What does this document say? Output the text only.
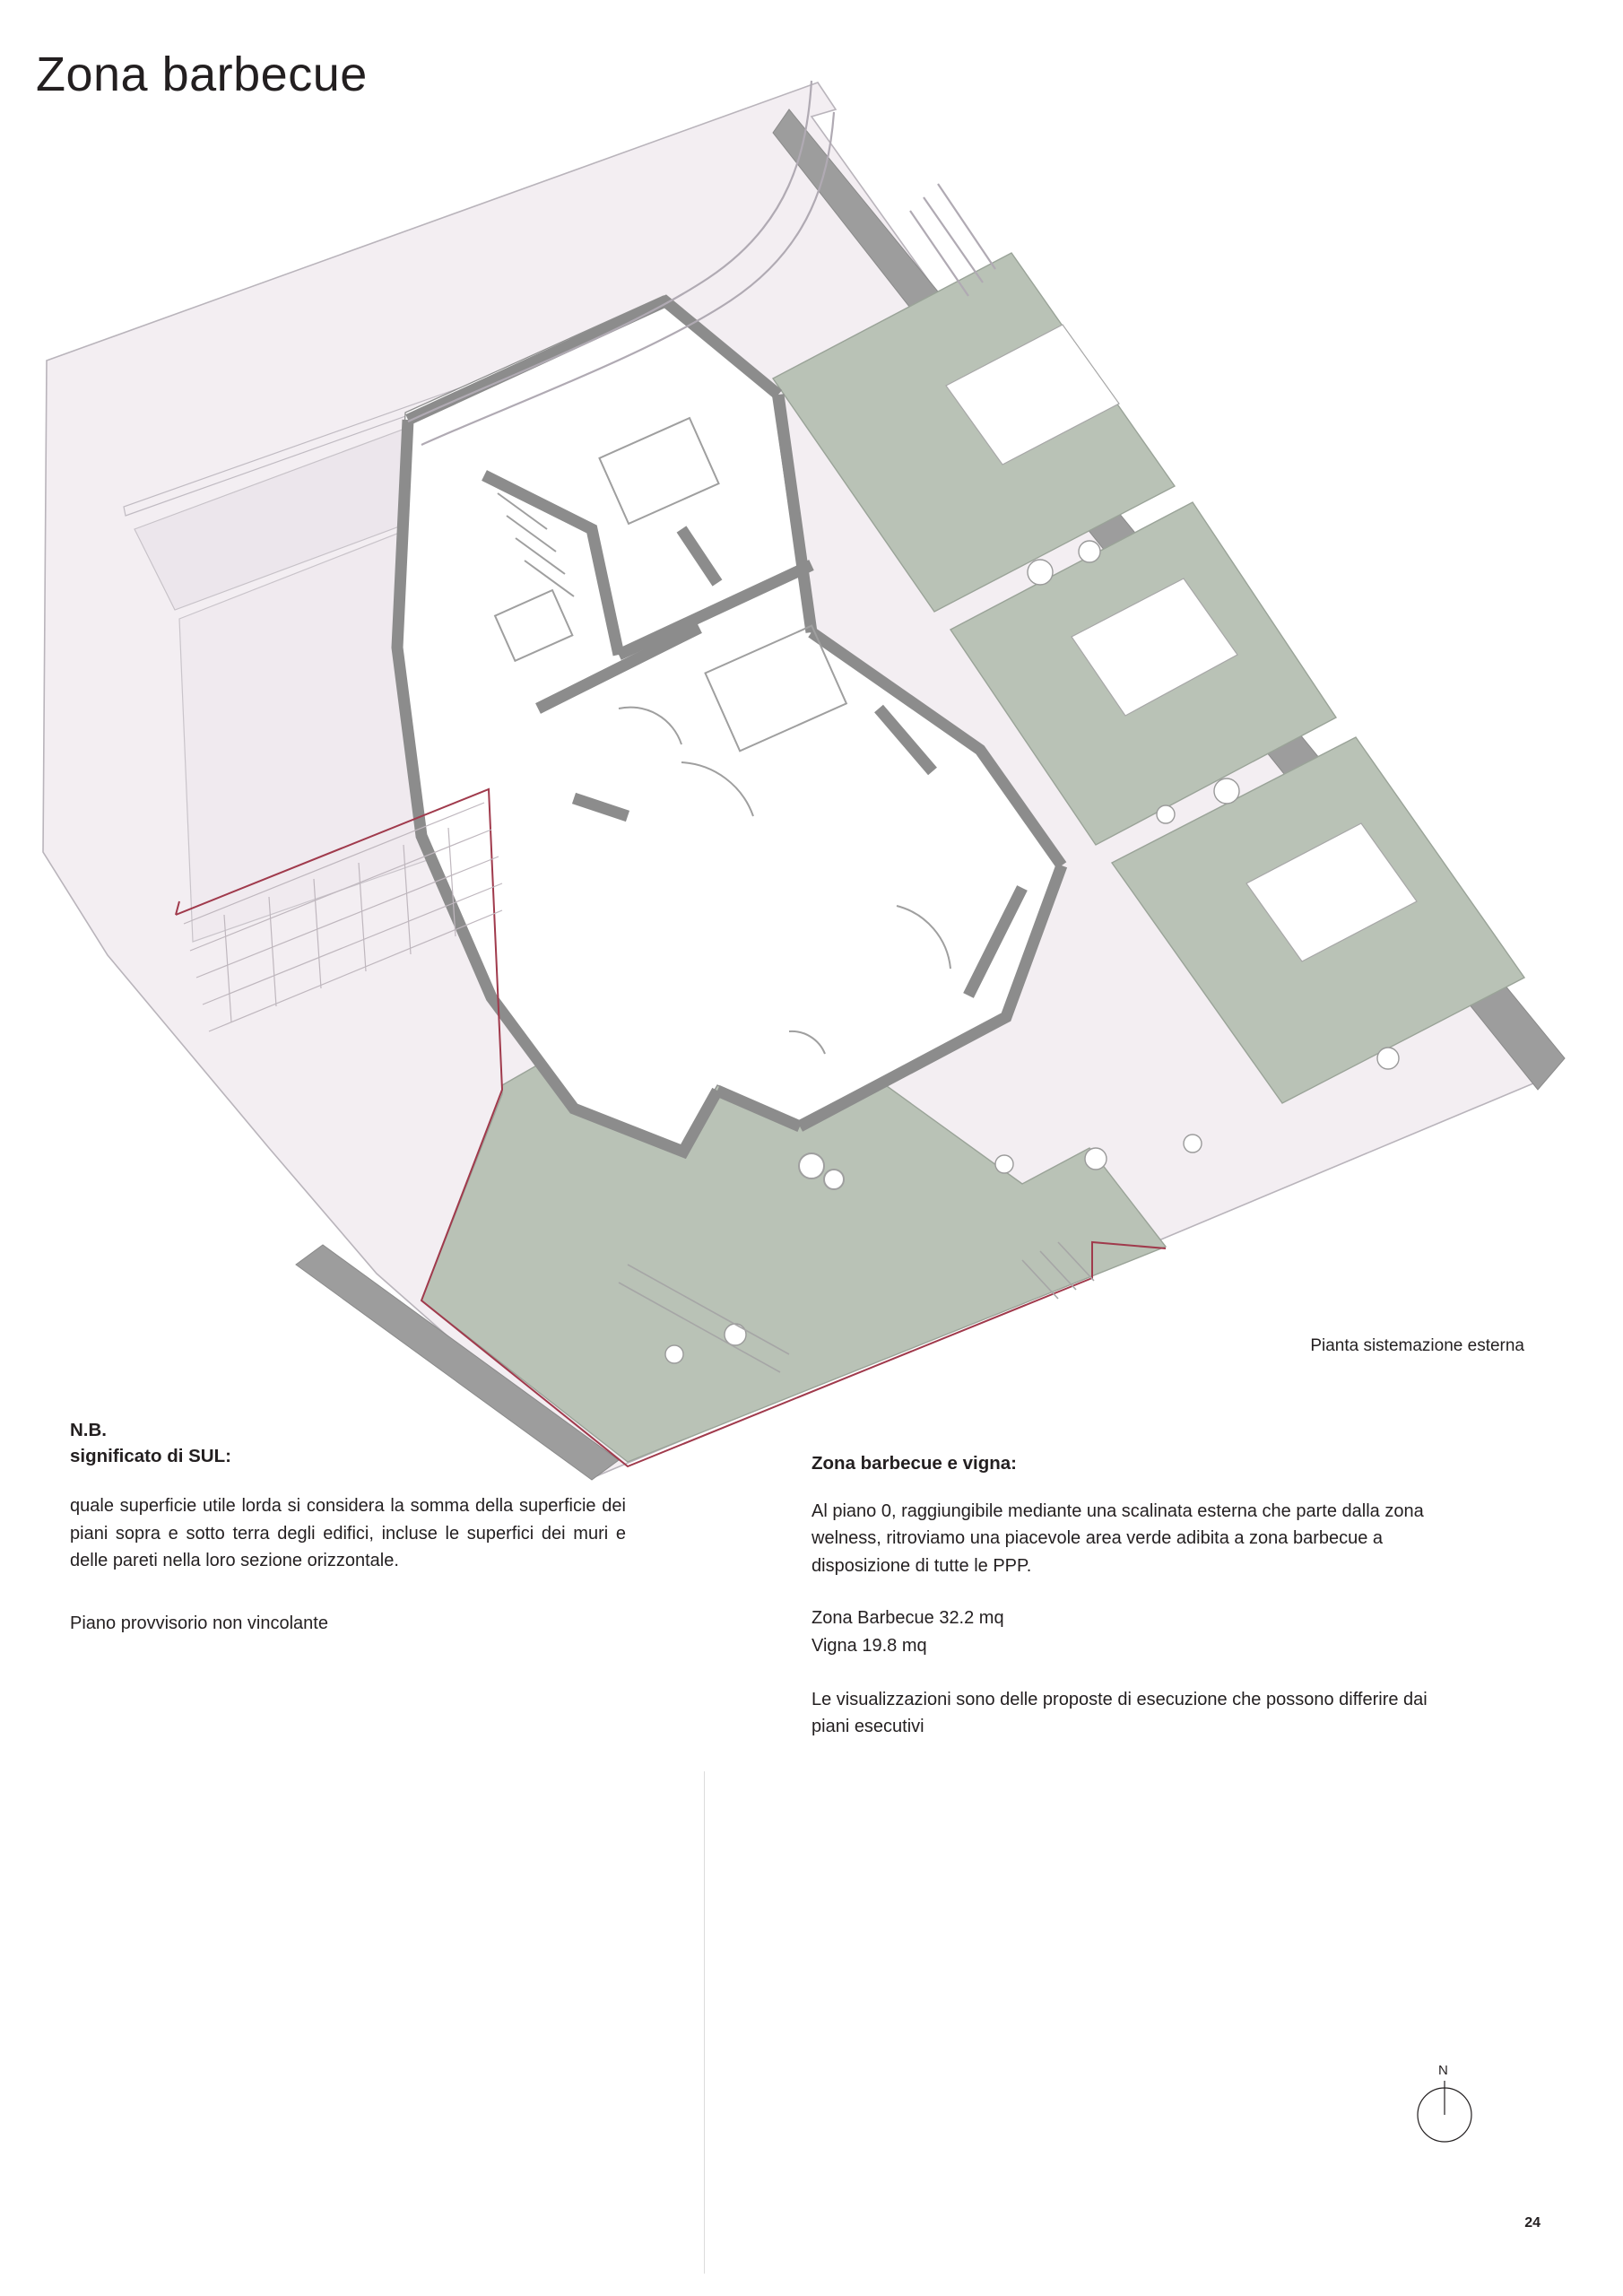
Zona barbecue
Pianta sistemazione esterna
N.B.
significato di SUL:

quale superficie utile lorda si considera la somma della superficie dei piani sopra e sotto terra degli edifici, incluse le superfici dei muri e delle pareti nella loro sezione orizzontale.

Piano provvisorio non vincolante

Zona barbecue e vigna:

Al piano 0, raggiungibile mediante una scalinata esterna che parte dalla zona welness, ritroviamo una piacevole area verde adibita a zona barbecue a disposizione di tutte le PPP.

Zona Barbecue 32.2 mq

Vigna 19.8 mq

Le visualizzazioni sono delle proposte di esecuzione che possono differire dai piani esecutivi

N
24
